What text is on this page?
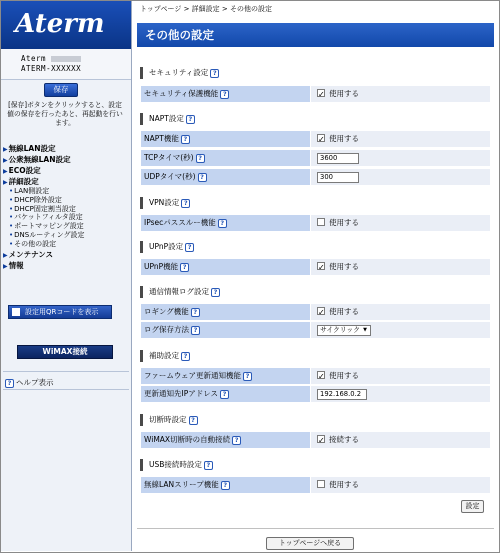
Aterm
Aterm
ATERM-XXXXXX
保存
[保存]ボタンをクリックすると、設定値の保存を行ったあと、再起動を行います。
▶無線LAN設定
▶公衆無線LAN設定
▶ECO設定
▶詳細設定
• LAN側設定
• DHCP除外設定
• DHCP固定割当設定
• パケットフィルタ設定
• ポートマッピング設定
• DNSルーティング設定
• その他の設定
▶メンテナンス
▶情報
設定用QRコードを表示
WiMAX接続
? ヘルプ表示
トップページ > 詳細設定 > その他の設定
その他の設定
セキュリティ設定 ?
セキュリティ保護機能 ? ✓	使用する
NAPT設定 ?
NAPT機能 ? ✓	使用する
TCPタイマ(秒) ?	3600
UDPタイマ(秒) ?	300
VPN設定 ?
IPsecパススルー機能 ?	使用する
UPnP設定 ?
UPnP機能 ? ✓	使用する
通信情報ログ設定 ?
ロギング機能 ? ✓	使用する
ログ保存方法 ?	サイクリック ▼
補助設定 ?
ファームウェア更新通知機能 ? ✓	使用する
更新通知先IPアドレス ?	192.168.0.2
切断時設定 ?
WiMAX切断時の自動接続 ? ✓	接続する
USB接続時設定 ?
無線LANスリープ機能 ?	使用する
設定
トップページへ戻る
